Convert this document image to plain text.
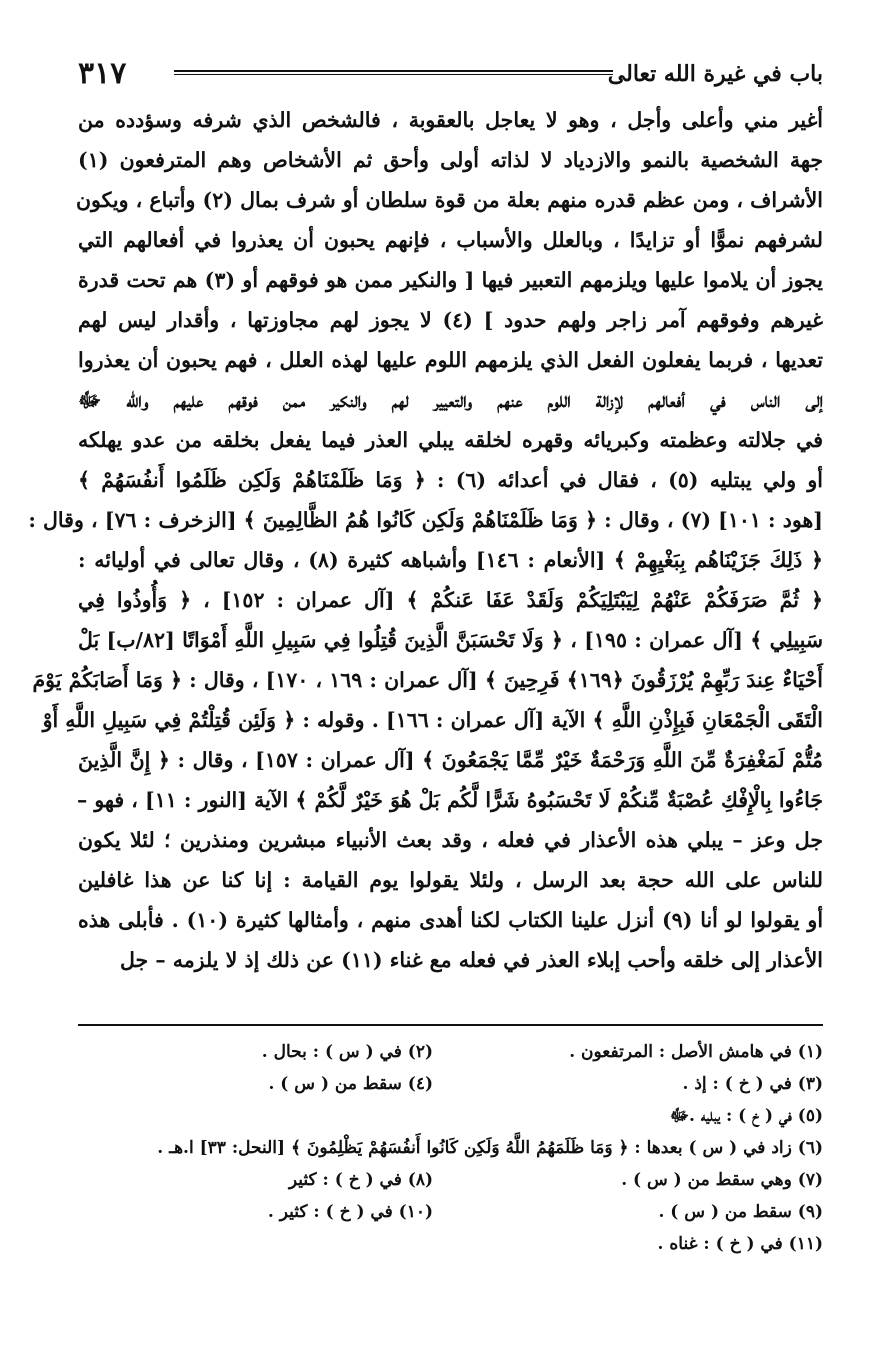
باب في غيرة الله تعالى
٣١٧
أغير مني وأعلى وأجل ، وهو لا يعاجل بالعقوبة ، فالشخص الذي شرفه وسؤدده من
جهة الشخصية بالنمو والازدياد لا لذاته أولى وأحق ثم الأشخاص وهم المترفعون (١)
الأشراف ، ومن عظم قدره منهم بعلة من قوة سلطان أو شرف بمال (٢) وأتباع ، ويكون
لشرفهم نموًّا أو تزايدًا ، وبالعلل والأسباب ، فإنهم يحبون أن يعذروا في أفعالهم التي
يجوز أن يلاموا عليها ويلزمهم التعبير فيها [ والنكير ممن هو فوقهم أو (٣) هم تحت قدرة
غيرهم وفوقهم آمر زاجر ولهم حدود ] (٤) لا يجوز لهم مجاوزتها ، وأقدار ليس لهم
تعديها ، فربما يفعلون الفعل الذي يلزمهم اللوم عليها لهذه العلل ، فهم يحبون أن يعذروا
إلى الناس في أفعالهم لإزالة اللوم عنهم والتعيير لهم والنكير ممن فوقهم عليهم والله ﷻ
في جلالته وعظمته وكبريائه وقهره لخلقه يبلي العذر فيما يفعل بخلقه من عدو يهلكه
أو ولي يبتليه (٥) ، فقال في أعدائه (٦) : ﴿ وَمَا ظَلَمْنَاهُمْ وَلَكِن ظَلَمُوا أَنفُسَهُمْ ﴾
[هود : ١٠١] (٧) ، وقال : ﴿ وَمَا ظَلَمْنَاهُمْ وَلَكِن كَانُوا هُمُ الظَّالِمِينَ ﴾ [الزخرف : ٧٦] ، وقال :
﴿ ذَلِكَ جَزَيْنَاهُم بِبَغْيِهِمْ ﴾ [الأنعام : ١٤٦] وأشباهه كثيرة (٨) ، وقال تعالى في أوليائه :
﴿ ثُمَّ صَرَفَكُمْ عَنْهُمْ لِيَبْتَلِيَكُمْ وَلَقَدْ عَفَا عَنكُمْ ﴾ [آل عمران : ١٥٢] ، ﴿ وَأُوذُوا فِي
سَبِيلِي ﴾ [آل عمران : ١٩٥] ، ﴿ وَلَا تَحْسَبَنَّ الَّذِينَ قُتِلُوا فِي سَبِيلِ اللَّهِ أَمْوَاتًا [٨٢/ب] بَلْ
أَحْيَاءٌ عِندَ رَبِّهِمْ يُرْزَقُونَ ﴿١٦٩﴾ فَرِحِينَ ﴾ [آل عمران : ١٦٩ ، ١٧٠] ، وقال : ﴿ وَمَا أَصَابَكُمْ يَوْمَ
الْتَقَى الْجَمْعَانِ فَبِإِذْنِ اللَّهِ ﴾ الآية [آل عمران : ١٦٦] . وقوله : ﴿ وَلَئِن قُتِلْتُمْ فِي سَبِيلِ اللَّهِ أَوْ
مُتُّمْ لَمَغْفِرَةٌ مِّنَ اللَّهِ وَرَحْمَةٌ خَيْرٌ مِّمَّا يَجْمَعُونَ ﴾ [آل عمران : ١٥٧] ، وقال : ﴿ إِنَّ الَّذِينَ
جَاءُوا بِالْإِفْكِ عُصْبَةٌ مِّنكُمْ لَا تَحْسَبُوهُ شَرًّا لَّكُم بَلْ هُوَ خَيْرٌ لَّكُمْ ﴾ الآية [النور : ١١] ، فهو –
جل وعز – يبلي هذه الأعذار في فعله ، وقد بعث الأنبياء مبشرين ومنذرين ؛ لئلا يكون
للناس على الله حجة بعد الرسل ، ولئلا يقولوا يوم القيامة : إنا كنا عن هذا غافلين
أو يقولوا لو أنا (٩) أنزل علينا الكتاب لكنا أهدى منهم ، وأمثالها كثيرة (١٠) . فأبلى هذه
الأعذار إلى خلقه وأحب إبلاء العذر في فعله مع غناء (١١) عن ذلك إذ لا يلزمه – جل
(١) في هامش الأصل : المرتفعون .
(٢) في ( س ) : بحال .
(٣) في ( خ ) : إذ .
(٤) سقط من ( س ) .
(٥) في ( خ ) : يبليه .ﷻ
(٦) زاد في ( س ) بعدها : ﴿ وَمَا ظَلَمَهُمُ اللَّهُ وَلَكِن كَانُوا أَنفُسَهُمْ يَظْلِمُونَ ﴾ [النحل: ٣٣] ا.هـ .
(٧) وهي سقط من ( س ) .
(٨) في ( خ ) : كثير
(٩) سقط من ( س ) .
(١٠) في ( خ ) : كثير .
(١١) في ( خ ) : غناه .
